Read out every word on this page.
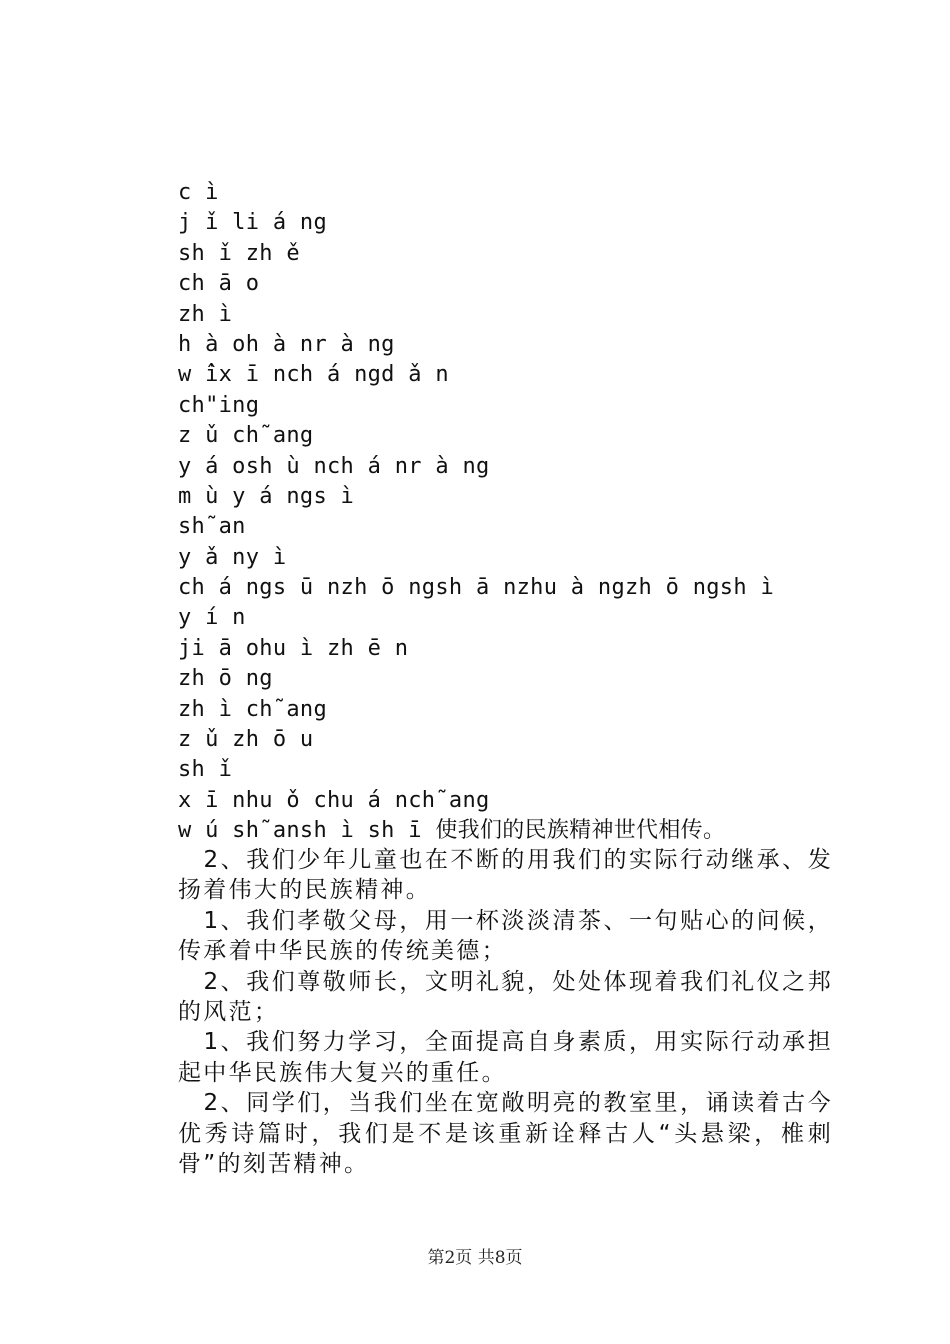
c ì
j ǐ li á ng
sh ǐ zh ě
ch ā o
zh ì
h à oh à nr à ng
w ̂ix ī nch á ngd ǎ n
ch"ing
z ǔ ch˜ang
y á osh ù nch á nr à ng
m ù y á ngs ì
sh˜an
y ǎ ny ì
ch á ngs ū nzh ō ngsh ā nzhu à ngzh ō ngsh ì
y í n
ji ā ohu ì zh ē n
zh ō ng
zh ì ch˜ang
z ǔ zh ō u
sh ǐ
x ī nhu ǒ chu á nch˜ang
w ú sh˜ansh ì sh ī 使我们的民族精神世代相传。

　2、我们少年儿童也在不断的用我们的实际行动继承、发扬着伟大的民族精神。

　1、我们孝敬父母，用一杯淡淡清茶、一句贴心的问候，传承着中华民族的传统美德；

　2、我们尊敬师长，文明礼貌，处处体现着我们礼仪之邦的风范；

　1、我们努力学习，全面提高自身素质，用实际行动承担起中华民族伟大复兴的重任。

　2、同学们，当我们坐在宽敞明亮的教室里，诵读着古今优秀诗篇时，我们是不是该重新诠释古人“头悬梁，椎刺骨”的刻苦精神。

第2页 共8页
